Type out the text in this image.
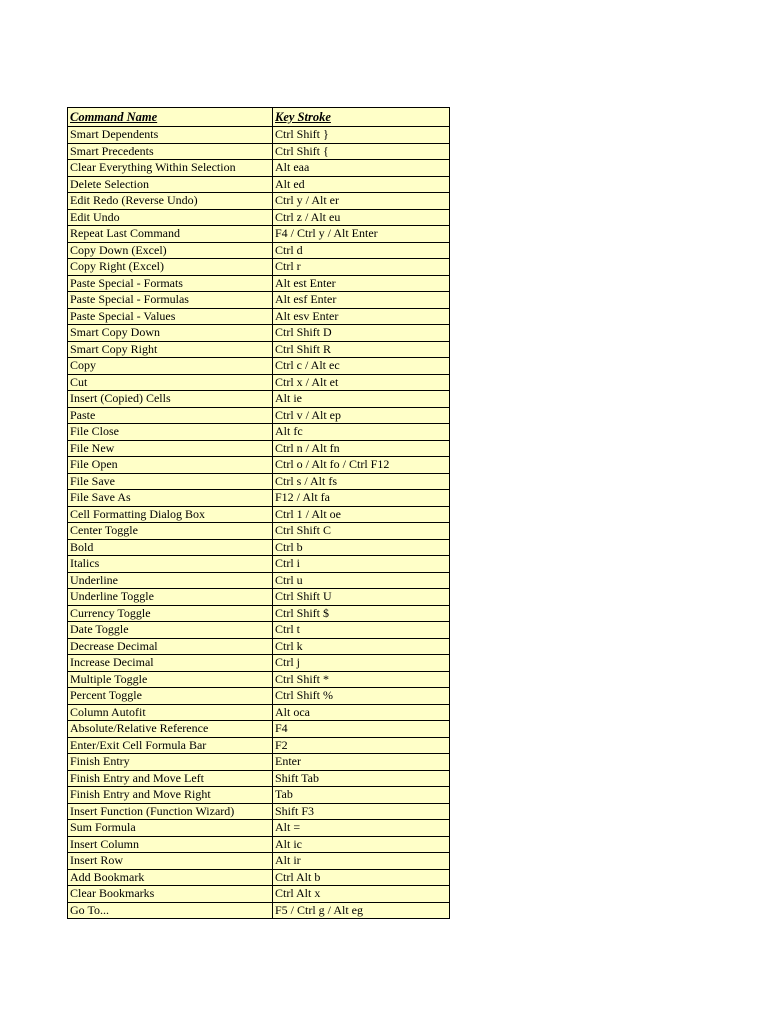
Command Name	Key Stroke
Smart Dependents	Ctrl Shift }
Smart Precedents	Ctrl Shift {
Clear Everything Within Selection	Alt eaa
Delete Selection	Alt ed
Edit Redo (Reverse Undo)	Ctrl y / Alt er
Edit Undo	Ctrl z / Alt eu
Repeat Last Command	F4 / Ctrl y / Alt Enter
Copy Down (Excel)	Ctrl d
Copy Right (Excel)	Ctrl r
Paste Special - Formats	Alt est Enter
Paste Special - Formulas	Alt esf Enter
Paste Special - Values	Alt esv Enter
Smart Copy Down	Ctrl Shift D
Smart Copy Right	Ctrl Shift R
Copy	Ctrl c / Alt ec
Cut	Ctrl x / Alt et
Insert (Copied) Cells	Alt ie
Paste	Ctrl v / Alt ep
File Close	Alt fc
File New	Ctrl n / Alt fn
File Open	Ctrl o / Alt fo / Ctrl F12
File Save	Ctrl s / Alt fs
File Save As	F12 / Alt fa
Cell Formatting Dialog Box	Ctrl 1 / Alt oe
Center Toggle	Ctrl Shift C
Bold	Ctrl b
Italics	Ctrl i
Underline	Ctrl u
Underline Toggle	Ctrl Shift U
Currency Toggle	Ctrl Shift $
Date Toggle	Ctrl t
Decrease Decimal	Ctrl k
Increase Decimal	Ctrl j
Multiple Toggle	Ctrl Shift *
Percent Toggle	Ctrl Shift %
Column Autofit	Alt oca
Absolute/Relative Reference	F4
Enter/Exit Cell Formula Bar	F2
Finish Entry	Enter
Finish Entry and Move Left	Shift Tab
Finish Entry and Move Right	Tab
Insert Function (Function Wizard)	Shift F3
Sum Formula	Alt =
Insert Column	Alt ic
Insert Row	Alt ir
Add Bookmark	Ctrl Alt b
Clear Bookmarks	Ctrl Alt x
Go To...	F5 / Ctrl g / Alt eg
